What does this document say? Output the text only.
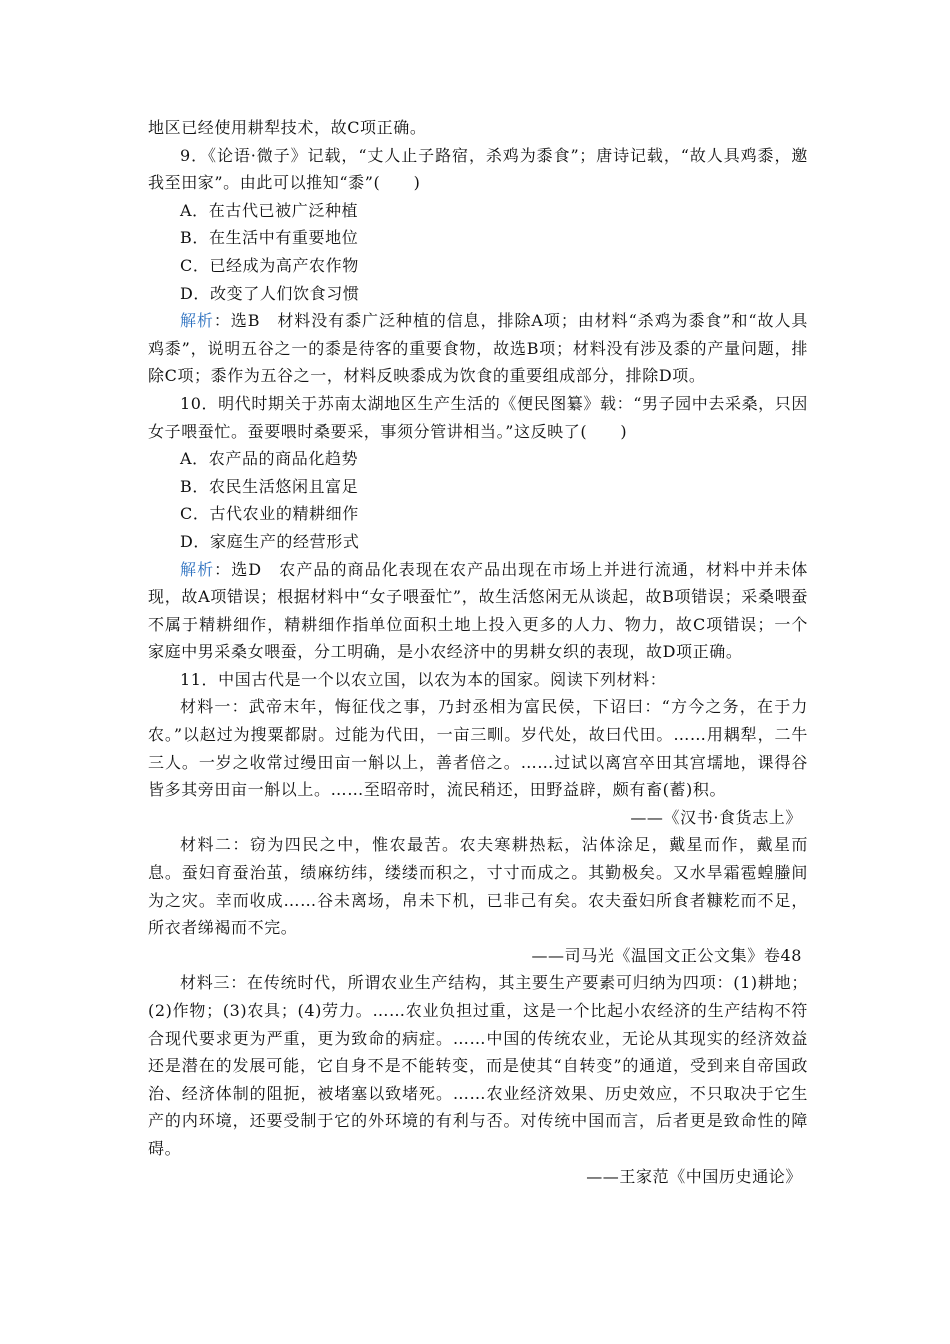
地区已经使用耕犁技术，故C项正确。

9．《论语·微子》记载，“丈人止子路宿，杀鸡为黍食”；唐诗记载，“故人具鸡黍，邀我至田家”。由此可以推知“黍”(　　)

A．在古代已被广泛种植

B．在生活中有重要地位

C．已经成为高产农作物

D．改变了人们饮食习惯

解析：选B　材料没有黍广泛种植的信息，排除A项；由材料“杀鸡为黍食”和“故人具鸡黍”，说明五谷之一的黍是待客的重要食物，故选B项；材料没有涉及黍的产量问题，排除C项；黍作为五谷之一，材料反映黍成为饮食的重要组成部分，排除D项。

10．明代时期关于苏南太湖地区生产生活的《便民图纂》载：“男子园中去采桑，只因女子喂蚕忙。蚕要喂时桑要采，事须分管讲相当。”这反映了(　　)

A．农产品的商品化趋势

B．农民生活悠闲且富足

C．古代农业的精耕细作

D．家庭生产的经营形式

解析：选D　农产品的商品化表现在农产品出现在市场上并进行流通，材料中并未体现，故A项错误；根据材料中“女子喂蚕忙”，故生活悠闲无从谈起，故B项错误；采桑喂蚕不属于精耕细作，精耕细作指单位面积土地上投入更多的人力、物力，故C项错误；一个家庭中男采桑女喂蚕，分工明确，是小农经济中的男耕女织的表现，故D项正确。

11．中国古代是一个以农立国，以农为本的国家。阅读下列材料：

材料一：武帝末年，悔征伐之事，乃封丞相为富民侯，下诏曰：“方今之务，在于力农。”以赵过为搜粟都尉。过能为代田，一亩三甽。岁代处，故曰代田。……用耦犁，二牛三人。一岁之收常过缦田亩一斛以上，善者倍之。……过试以离宫卒田其宫壖地，课得谷皆多其旁田亩一斛以上。……至昭帝时，流民稍还，田野益辟，颇有畜(蓄)积。

——《汉书·食货志上》

材料二：窃为四民之中，惟农最苦。农夫寒耕热耘，沾体涂足，戴星而作，戴星而息。蚕妇育蚕治茧，绩麻纺纬，缕缕而积之，寸寸而成之。其勤极矣。又水旱霜雹蝗螣间为之灾。幸而收成……谷未离场，帛未下机，已非己有矣。农夫蚕妇所食者糠籺而不足，所衣者绨褐而不完。

——司马光《温国文正公文集》卷48

材料三：在传统时代，所谓农业生产结构，其主要生产要素可归纳为四项：(1)耕地；(2)作物；(3)农具；(4)劳力。……农业负担过重，这是一个比起小农经济的生产结构不符合现代要求更为严重，更为致命的病症。……中国的传统农业，无论从其现实的经济效益还是潜在的发展可能，它自身不是不能转变，而是使其“自转变”的通道，受到来自帝国政治、经济体制的阻扼，被堵塞以致堵死。……农业经济效果、历史效应，不只取决于它生产的内环境，还要受制于它的外环境的有利与否。对传统中国而言，后者更是致命性的障碍。

——王家范《中国历史通论》
